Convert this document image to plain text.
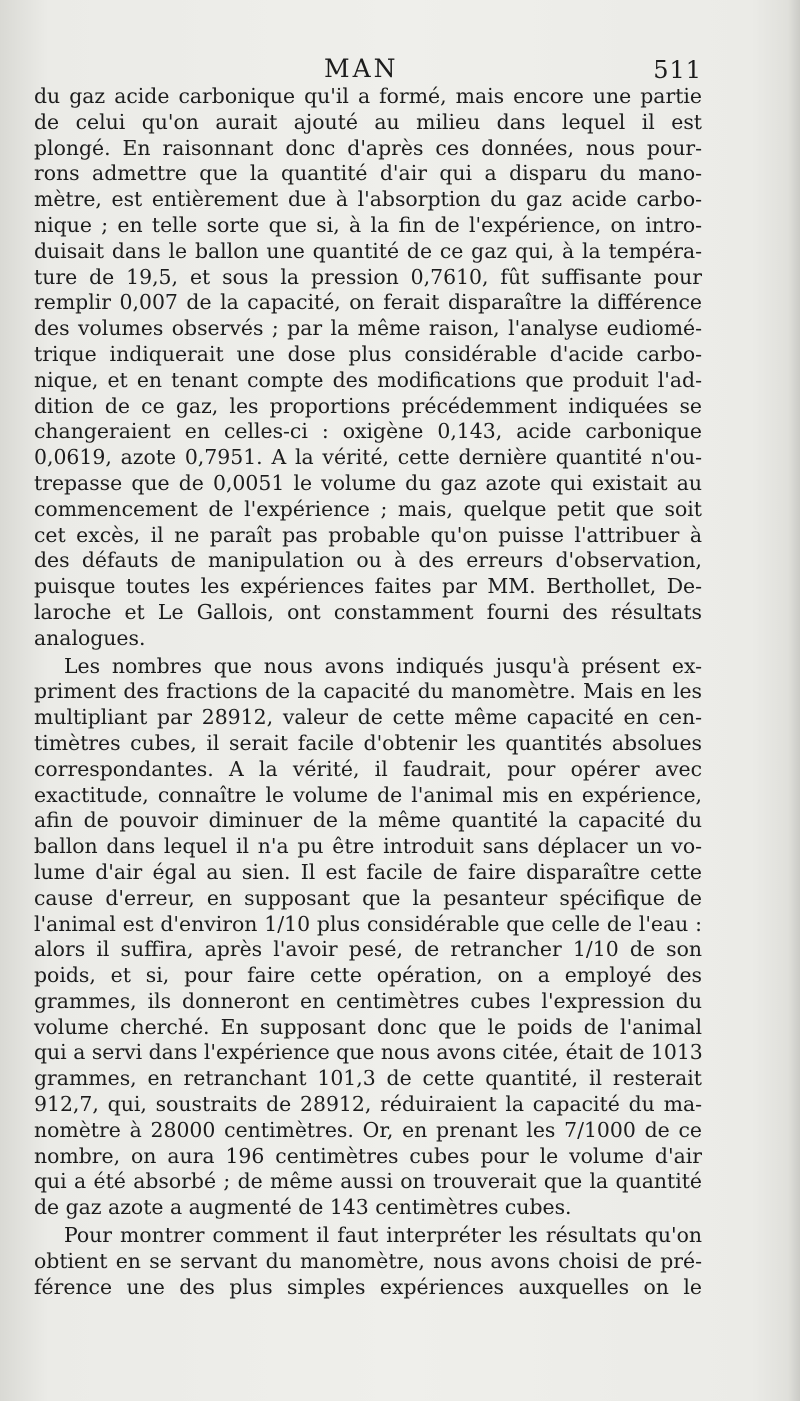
MAN	511
du gaz acide carbonique qu'il a formé, mais encore une partie
de celui qu'on aurait ajouté au milieu dans lequel il est
plongé. En raisonnant donc d'après ces données, nous pour-
rons admettre que la quantité d'air qui a disparu du mano-
mètre, est entièrement due à l'absorption du gaz acide carbo-
nique ; en telle sorte que si, à la fin de l'expérience, on intro-
duisait dans le ballon une quantité de ce gaz qui, à la tempéra-
ture de 19,5, et sous la pression 0,7610, fût suffisante pour
remplir 0,007 de la capacité, on ferait disparaître la différence
des volumes observés ; par la même raison, l'analyse eudiomé-
trique indiquerait une dose plus considérable d'acide carbo-
nique, et en tenant compte des modifications que produit l'ad-
dition de ce gaz, les proportions précédemment indiquées se
changeraient en celles-ci : oxigène 0,143, acide carbonique
0,0619, azote 0,7951. A la vérité, cette dernière quantité n'ou-
trepasse que de 0,0051 le volume du gaz azote qui existait au
commencement de l'expérience ; mais, quelque petit que soit
cet excès, il ne paraît pas probable qu'on puisse l'attribuer à
des défauts de manipulation ou à des erreurs d'observation,
puisque toutes les expériences faites par MM. Berthollet, De-
laroche et Le Gallois, ont constamment fourni des résultats
analogues.
Les nombres que nous avons indiqués jusqu'à présent ex-
priment des fractions de la capacité du manomètre. Mais en les
multipliant par 28912, valeur de cette même capacité en cen-
timètres cubes, il serait facile d'obtenir les quantités absolues
correspondantes. A la vérité, il faudrait, pour opérer avec
exactitude, connaître le volume de l'animal mis en expérience,
afin de pouvoir diminuer de la même quantité la capacité du
ballon dans lequel il n'a pu être introduit sans déplacer un vo-
lume d'air égal au sien. Il est facile de faire disparaître cette
cause d'erreur, en supposant que la pesanteur spécifique de
l'animal est d'environ 1/10 plus considérable que celle de l'eau :
alors il suffira, après l'avoir pesé, de retrancher 1/10 de son
poids, et si, pour faire cette opération, on a employé des
grammes, ils donneront en centimètres cubes l'expression du
volume cherché. En supposant donc que le poids de l'animal
qui a servi dans l'expérience que nous avons citée, était de 1013
grammes, en retranchant 101,3 de cette quantité, il resterait
912,7, qui, soustraits de 28912, réduiraient la capacité du ma-
nomètre à 28000 centimètres. Or, en prenant les 7/1000 de ce
nombre, on aura 196 centimètres cubes pour le volume d'air
qui a été absorbé ; de même aussi on trouverait que la quantité
de gaz azote a augmenté de 143 centimètres cubes.
Pour montrer comment il faut interpréter les résultats qu'on
obtient en se servant du manomètre, nous avons choisi de pré-
férence une des plus simples expériences auxquelles on le
